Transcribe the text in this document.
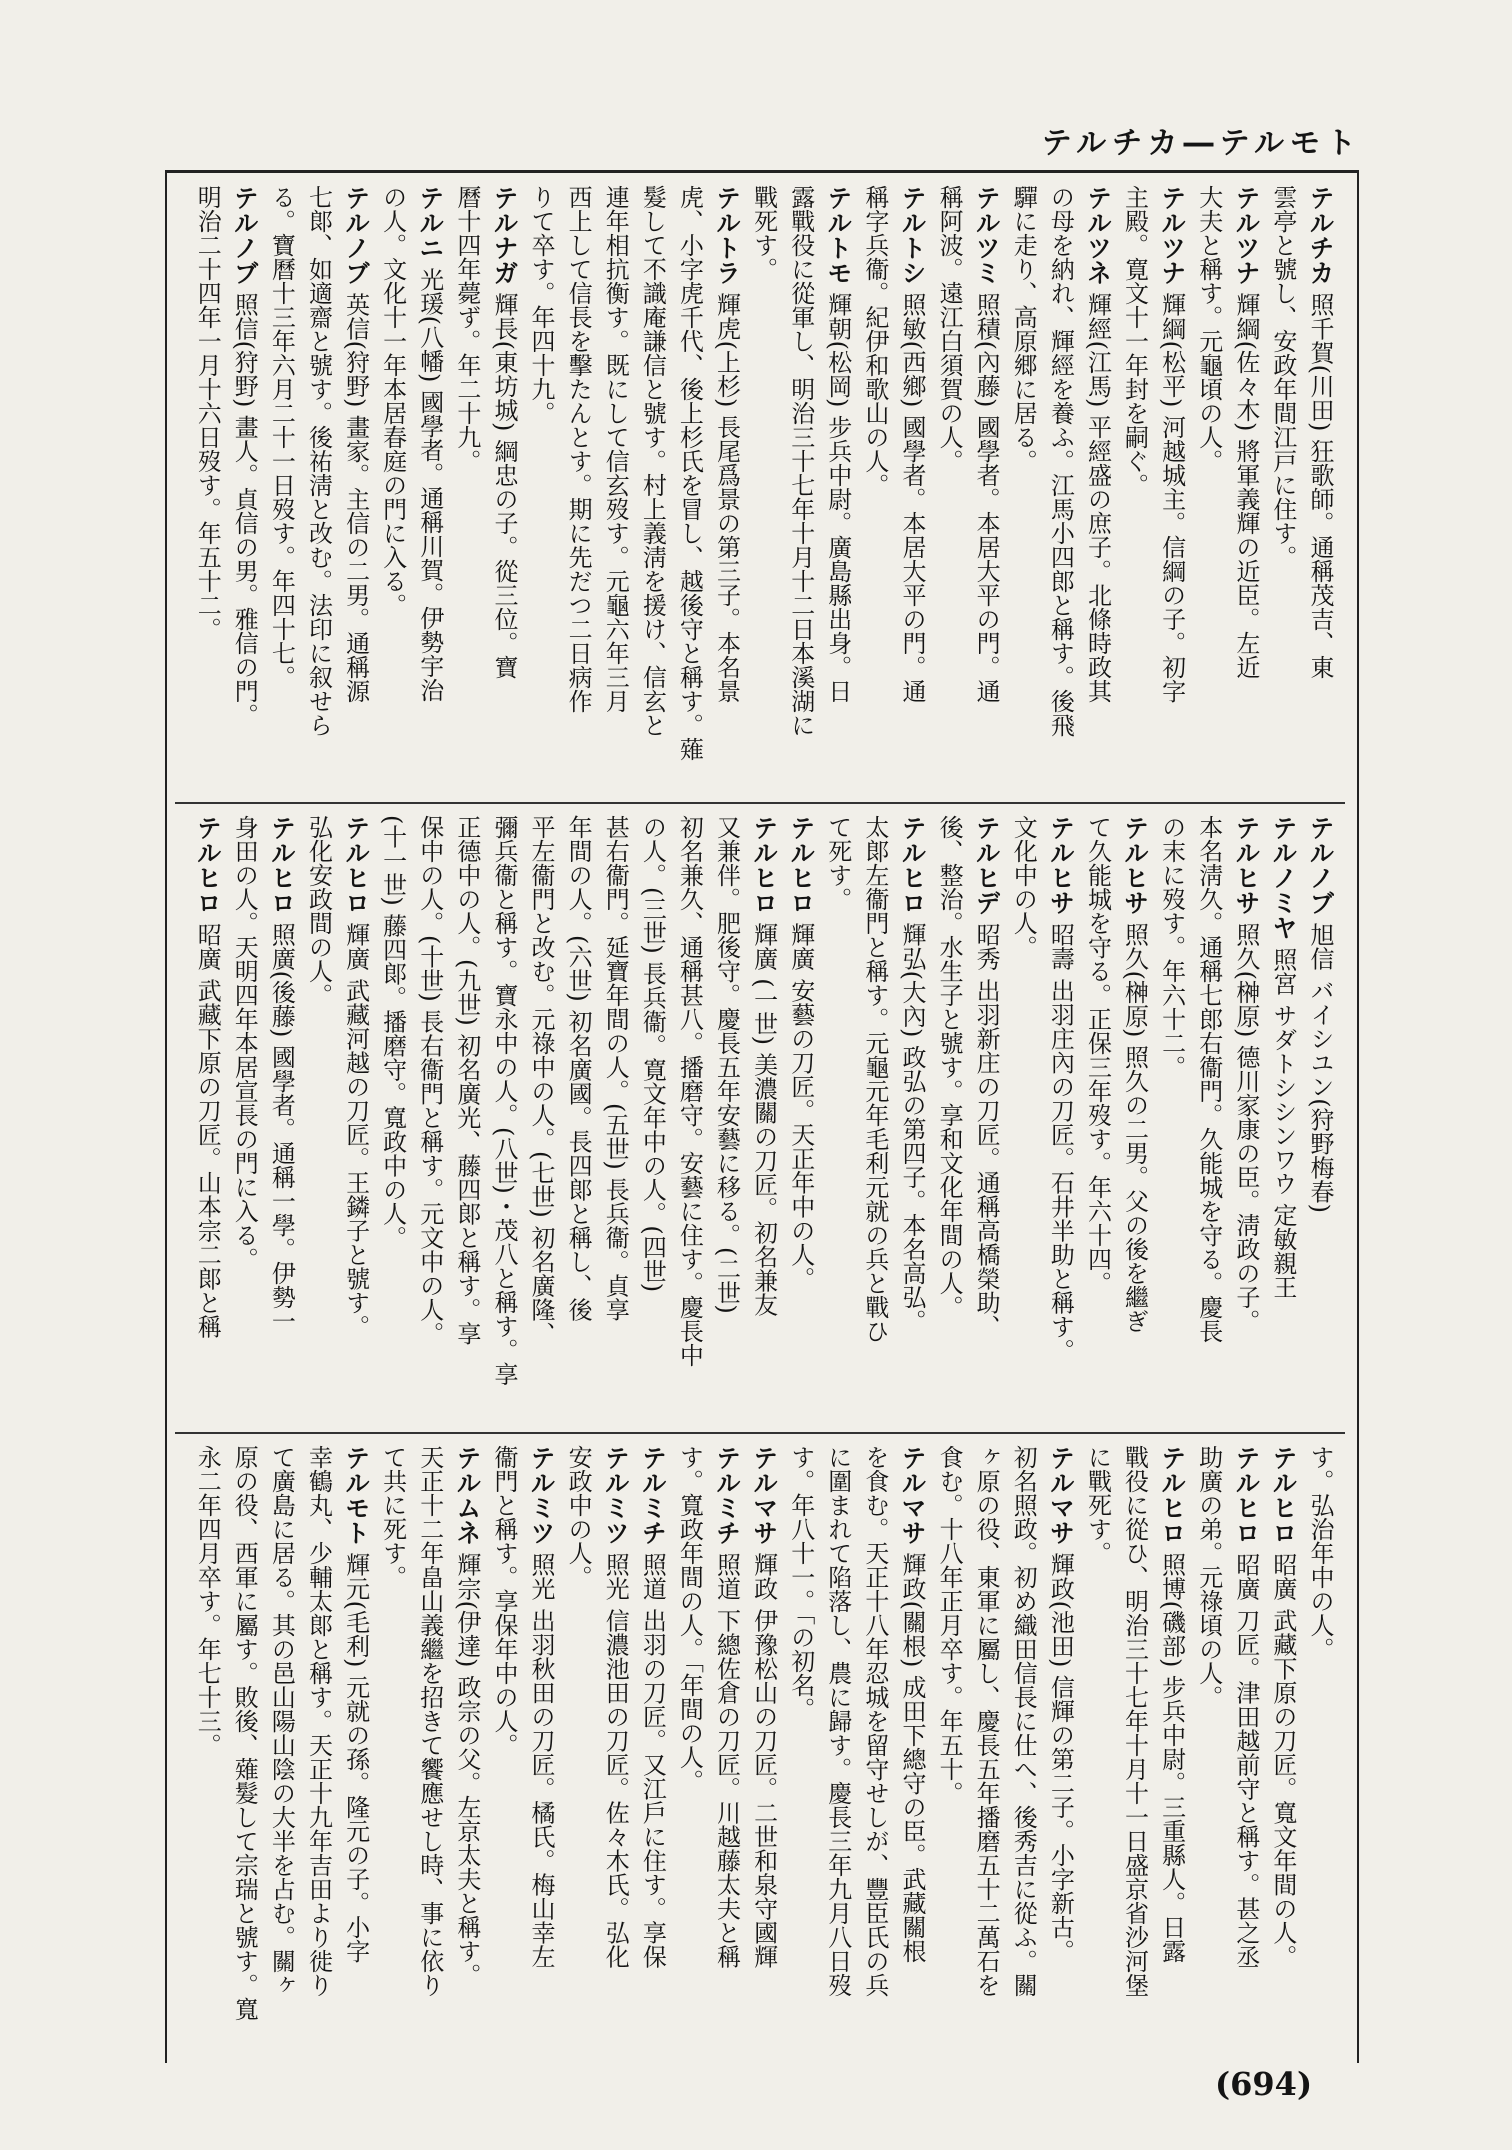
テルチカ―テルモト
テルチカ 照千賀(川田) 狂歌師。通稱茂吉、東
雲亭と號し、安政年間江戸に住す。
テルツナ 輝綱(佐々木) 將軍義輝の近臣。左近
大夫と稱す。元龜頃の人。
テルツナ 輝綱(松平) 河越城主。信綱の子。初字
主殿。寛文十一年封を嗣ぐ。
テルツネ 輝經(江馬) 平經盛の庶子。北條時政其
の母を納れ、輝經を養ふ。江馬小四郎と稱す。後飛
驒に走り、高原郷に居る。
テルツミ 照積(內藤) 國學者。本居大平の門。通
稱阿波。遠江白須賀の人。
テルトシ 照敏(西鄉) 國學者。本居大平の門。通
稱字兵衞。紀伊和歌山の人。
テルトモ 輝朝(松岡) 步兵中尉。廣島縣出身。日
露戰役に從軍し、明治三十七年十月十二日本溪湖に
戰死す。
テルトラ 輝虎(上杉) 長尾爲景の第三子。本名景
虎、小字虎千代、後上杉氏を冒し、越後守と稱す。薙
髮して不識庵謙信と號す。村上義淸を援け、信玄と
連年相抗衡す。既にして信玄歿す。元龜六年三月
西上して信長を擊たんとす。期に先だつ二日病作
りて卒す。年四十九。
テルナガ 輝長(東坊城) 綱忠の子。從三位。寶
曆十四年薨ず。年二十九。
テルニ 光瑗(八幡) 國學者。通稱川賀。伊勢宇治
の人。文化十一年本居春庭の門に入る。
テルノブ 英信(狩野) 畫家。主信の二男。通稱源
七郞、如適齋と號す。後祐淸と改む。法印に叙せら
る。寶曆十三年六月二十一日歿す。年四十七。
テルノブ 照信(狩野) 畫人。貞信の男。雅信の門。
明治二十四年一月十六日歿す。年五十二。
テルノブ 旭信 バイシユン(狩野梅春)
テルノミヤ 照宮 サダトシシンワウ 定敏親王
テルヒサ 照久(榊原) 德川家康の臣。淸政の子。
本名淸久。通稱七郎右衞門。久能城を守る。慶長
の末に歿す。年六十二。
テルヒサ 照久(榊原) 照久の二男。父の後を繼ぎ
て久能城を守る。正保三年歿す。年六十四。
テルヒサ 昭壽 出羽庄內の刀匠。石井半助と稱す。
文化中の人。
テルヒデ 昭秀 出羽新庄の刀匠。通稱高橋榮助、
後、整治。水生子と號す。享和文化年間の人。
テルヒロ 輝弘(大內) 政弘の第四子。本名高弘。
太郞左衞門と稱す。元龜元年毛利元就の兵と戰ひ
て死す。
テルヒロ 輝廣 安藝の刀匠。天正年中の人。
テルヒロ 輝廣 (一世) 美濃關の刀匠。初名兼友
又兼伴。肥後守。慶長五年安藝に移る。(二世)
初名兼久、通稱甚八。播磨守。安藝に住す。慶長中
の人。(三世) 長兵衞。寛文年中の人。(四世)
甚右衞門。延寶年間の人。(五世) 長兵衞。貞享
年間の人。(六世) 初名廣國。長四郞と稱し、後
平左衞門と改む。元祿中の人。(七世) 初名廣隆、
彌兵衞と稱す。寶永中の人。(八世)・茂八と稱す。享
正德中の人。(九世) 初名廣光、藤四郞と稱す。享
保中の人。(十世) 長右衞門と稱す。元文中の人。
(十一世) 藤四郞。播磨守。寬政中の人。
テルヒロ 輝廣 武藏河越の刀匠。王鏻子と號す。
弘化安政間の人。
テルヒロ 照廣(後藤) 國學者。通稱一學。伊勢一
身田の人。天明四年本居宣長の門に入る。
テルヒロ 昭廣 武藏下原の刀匠。山本宗二郞と稱
す。弘治年中の人。
テルヒロ 昭廣 武藏下原の刀匠。寬文年間の人。
テルヒロ 昭廣 刀匠。津田越前守と稱す。甚之丞
助廣の弟。元祿頃の人。
テルヒロ 照博(磯部) 步兵中尉。三重縣人。日露
戰役に從ひ、明治三十七年十月十一日盛京省沙河堡
に戰死す。
テルマサ 輝政(池田) 信輝の第二子。小字新古。
初名照政。初め織田信長に仕へ、後秀吉に從ふ。關
ヶ原の役、東軍に屬し、慶長五年播磨五十二萬石を
食む。十八年正月卒す。年五十。
テルマサ 輝政(關根) 成田下總守の臣。武藏關根
を食む。天正十八年忍城を留守せしが、豐臣氏の兵
に圍まれて陷落し、農に歸す。慶長三年九月八日歿
す。年八十一。「の初名。
テルマサ 輝政 伊豫松山の刀匠。二世和泉守國輝
テルミチ 照道 下總佐倉の刀匠。川越藤太夫と稱
す。寬政年間の人。「年間の人。
テルミチ 照道 出羽の刀匠。又江戶に住す。享保
テルミツ 照光 信濃池田の刀匠。佐々木氏。弘化
安政中の人。
テルミツ 照光 出羽秋田の刀匠。橘氏。梅山幸左
衞門と稱す。享保年中の人。
テルムネ 輝宗(伊達) 政宗の父。左京太夫と稱す。
天正十二年畠山義繼を招きて饗應せし時、事に依り
て共に死す。
テルモト 輝元(毛利) 元就の孫。隆元の子。小字
幸鶴丸、少輔太郞と稱す。天正十九年吉田より徙り
て廣島に居る。其の邑山陽山陰の大半を占む。關ヶ
原の役、西軍に屬す。敗後、薙髮して宗瑞と號す。寬
永二年四月卒す。年七十三。
(694)
